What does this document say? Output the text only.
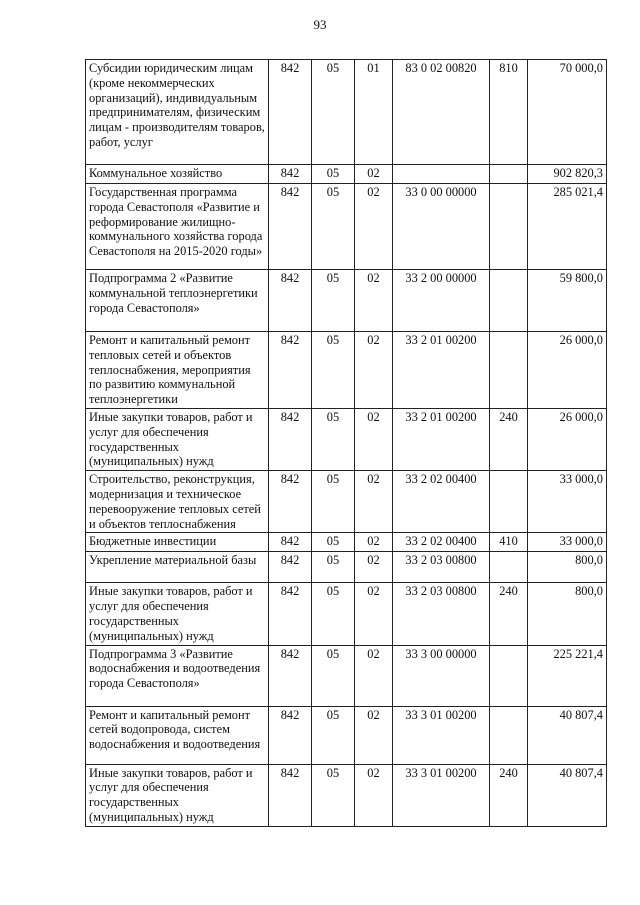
93
Субсидии юридическим лицам (кроме некоммерческих организаций), индивидуальным предпринимателям, физическим лицам - производителям товаров, работ, услуг	842	05	01	83 0 02 00820	810	70 000,0
Коммунальное хозяйство	842	05	02			902 820,3
Государственная программа города Севастополя «Развитие и реформирование жилищно-коммунального хозяйства города Севастополя на 2015-2020 годы»	842	05	02	33 0 00 00000		285 021,4
Подпрограмма 2 «Развитие коммунальной теплоэнергетики города Севастополя»	842	05	02	33 2 00 00000		59 800,0
Ремонт и капитальный ремонт тепловых сетей и объектов теплоснабжения, мероприятия по развитию коммунальной теплоэнергетики	842	05	02	33 2 01 00200		26 000,0
Иные закупки товаров, работ и услуг для обеспечения государственных (муниципальных) нужд	842	05	02	33 2 01 00200	240	26 000,0
Строительство, реконструкция, модернизация и техническое перевооружение тепловых сетей и объектов теплоснабжения	842	05	02	33 2 02 00400		33 000,0
Бюджетные инвестиции	842	05	02	33 2 02 00400	410	33 000,0
Укрепление материальной базы	842	05	02	33 2 03 00800		800,0
Иные закупки товаров, работ и услуг для обеспечения государственных (муниципальных) нужд	842	05	02	33 2 03 00800	240	800,0
Подпрограмма 3 «Развитие водоснабжения и водоотведения города Севастополя»	842	05	02	33 3 00 00000		225 221,4
Ремонт и капитальный ремонт сетей водопровода, систем водоснабжения и водоотведения	842	05	02	33 3 01 00200		40 807,4
Иные закупки товаров, работ и услуг для обеспечения государственных (муниципальных) нужд	842	05	02	33 3 01 00200	240	40 807,4
